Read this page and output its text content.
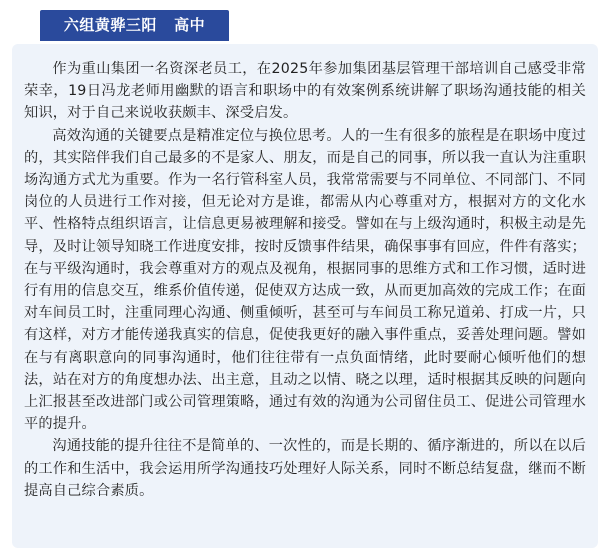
六组黄骅三阳   高中

作为重山集团一名资深老员工，在2025年参加集团基层管理干部培训自己感受非常荣幸，19日冯龙老师用幽默的语言和职场中的有效案例系统讲解了职场沟通技能的相关知识，对于自己来说收获颇丰、深受启发。

高效沟通的关键要点是精准定位与换位思考。人的一生有很多的旅程是在职场中度过的，其实陪伴我们自己最多的不是家人、朋友，而是自己的同事，所以我一直认为注重职场沟通方式尤为重要。作为一名行管科室人员，我常常需要与不同单位、不同部门、不同岗位的人员进行工作对接，但无论对方是谁，都需从内心尊重对方，根据对方的文化水平、性格特点组织语言，让信息更易被理解和接受。譬如在与上级沟通时，积极主动是先导，及时让领导知晓工作进度安排，按时反馈事件结果，确保事事有回应，件件有落实；在与平级沟通时，我会尊重对方的观点及视角，根据同事的思维方式和工作习惯，适时进行有用的信息交互，维系价值传递，促使双方达成一致，从而更加高效的完成工作；在面对车间员工时，注重同理心沟通、侧重倾听，甚至可与车间员工称兄道弟、打成一片，只有这样，对方才能传递我真实的信息，促使我更好的融入事件重点，妥善处理问题。譬如在与有离职意向的同事沟通时，他们往往带有一点负面情绪，此时要耐心倾听他们的想法，站在对方的角度想办法、出主意，且动之以情、晓之以理，适时根据其反映的问题向上汇报甚至改进部门或公司管理策略，通过有效的沟通为公司留住员工、促进公司管理水平的提升。

沟通技能的提升往往不是简单的、一次性的，而是长期的、循序渐进的，所以在以后的工作和生活中，我会运用所学沟通技巧处理好人际关系，同时不断总结复盘，继而不断提高自己综合素质。
